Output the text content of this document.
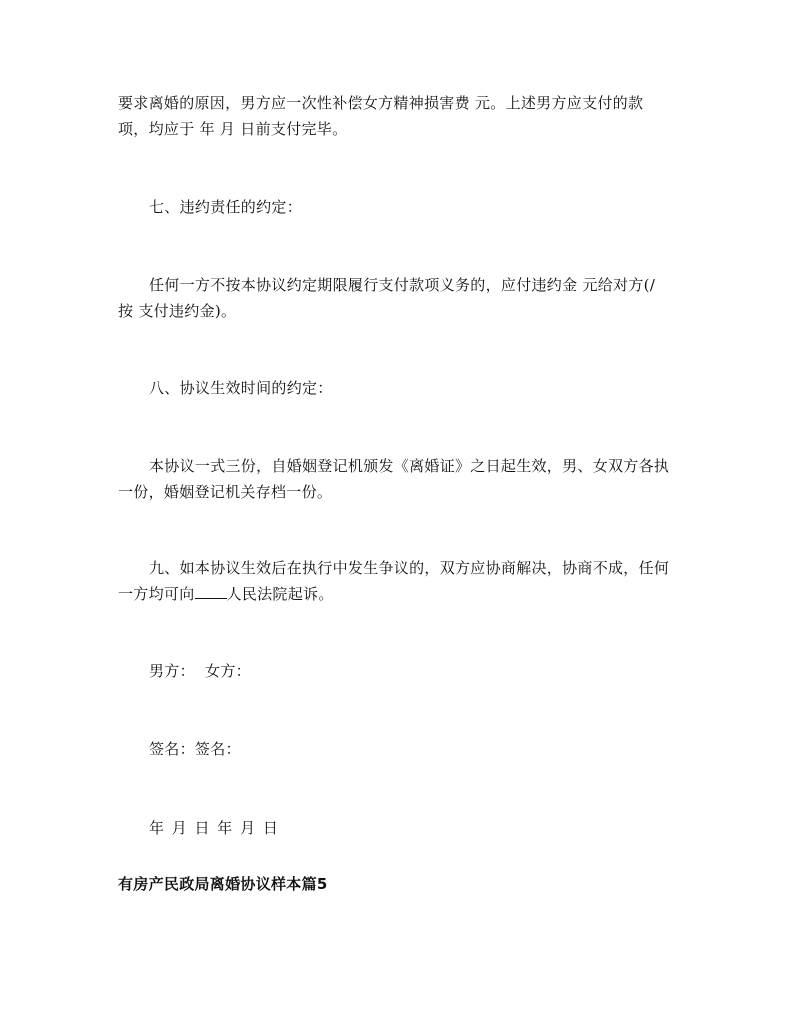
要求离婚的原因，男方应一次性补偿女方精神损害费 元。上述男方应支付的款
项，均应于 年 月 日前支付完毕。
七、违约责任的约定：
任何一方不按本协议约定期限履行支付款项义务的，应付违约金 元给对方(/
按 支付违约金)。
八、协议生效时间的约定：
本协议一式三份，自婚姻登记机颁发《离婚证》之日起生效，男、女双方各执
一份，婚姻登记机关存档一份。
九、如本协议生效后在执行中发生争议的，双方应协商解决，协商不成，任何
一方均可向 人民法院起诉。
男方：  女方：
签名：签名：
年 月 日 年 月 日
有房产民政局离婚协议样本篇5
